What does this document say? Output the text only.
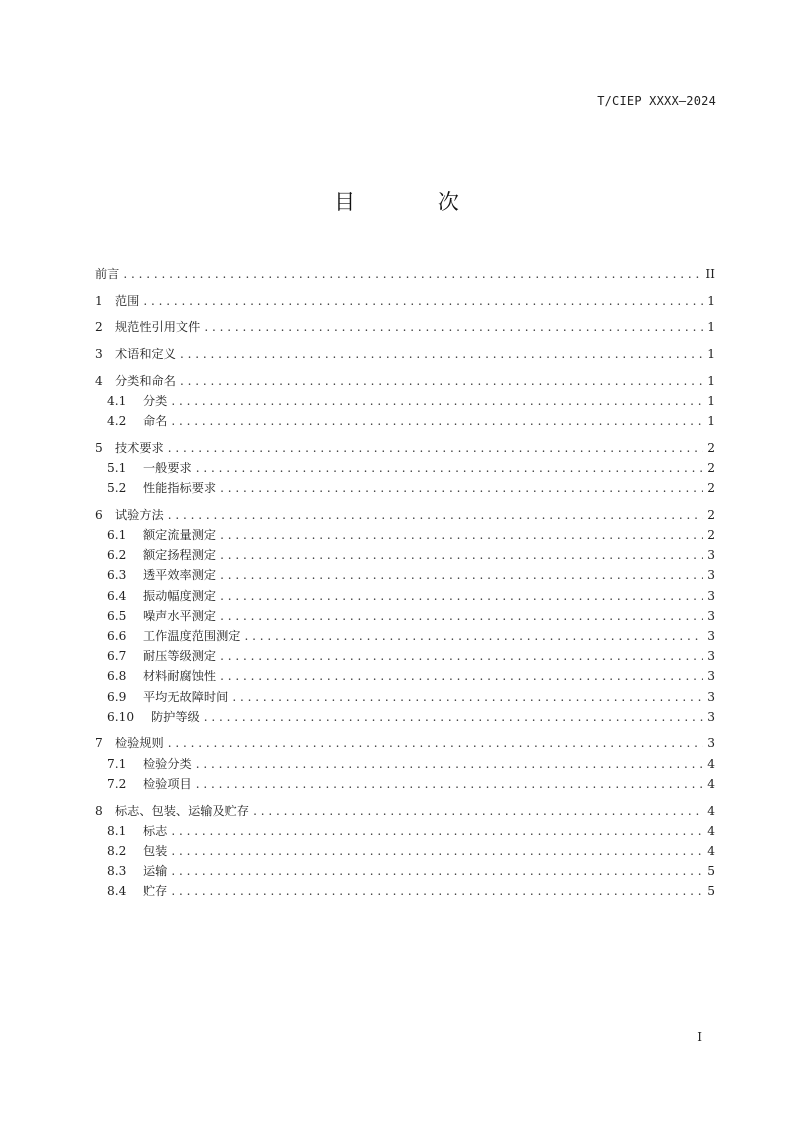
T/CIEP XXXX—2024
目 次
前言 . . .	II
1	范围 . . .	1
2	规范性引用文件 . . .	1
3	术语和定义 . . .	1
4	分类和命名 . . .	1
4.1	分类 . . .	1
4.2	命名 . . .	1
5	技术要求 . . .	2
5.1	一般要求 . . .	2
5.2	性能指标要求 . . .	2
6	试验方法 . . .	2
6.1	额定流量测定 . . .	2
6.2	额定扬程测定 . . .	3
6.3	透平效率测定 . . .	3
6.4	振动幅度测定 . . .	3
6.5	噪声水平测定 . . .	3
6.6	工作温度范围测定 . . .	3
6.7	耐压等级测定 . . .	3
6.8	材料耐腐蚀性 . . .	3
6.9	平均无故障时间 . . .	3
6.10	防护等级 . . .	3
7	检验规则 . . .	3
7.1	检验分类 . . .	4
7.2	检验项目 . . .	4
8	标志、包装、运输及贮存 . . .	4
8.1	标志 . . .	4
8.2	包装 . . .	4
8.3	运输 . . .	5
8.4	贮存 . . .	5
I
